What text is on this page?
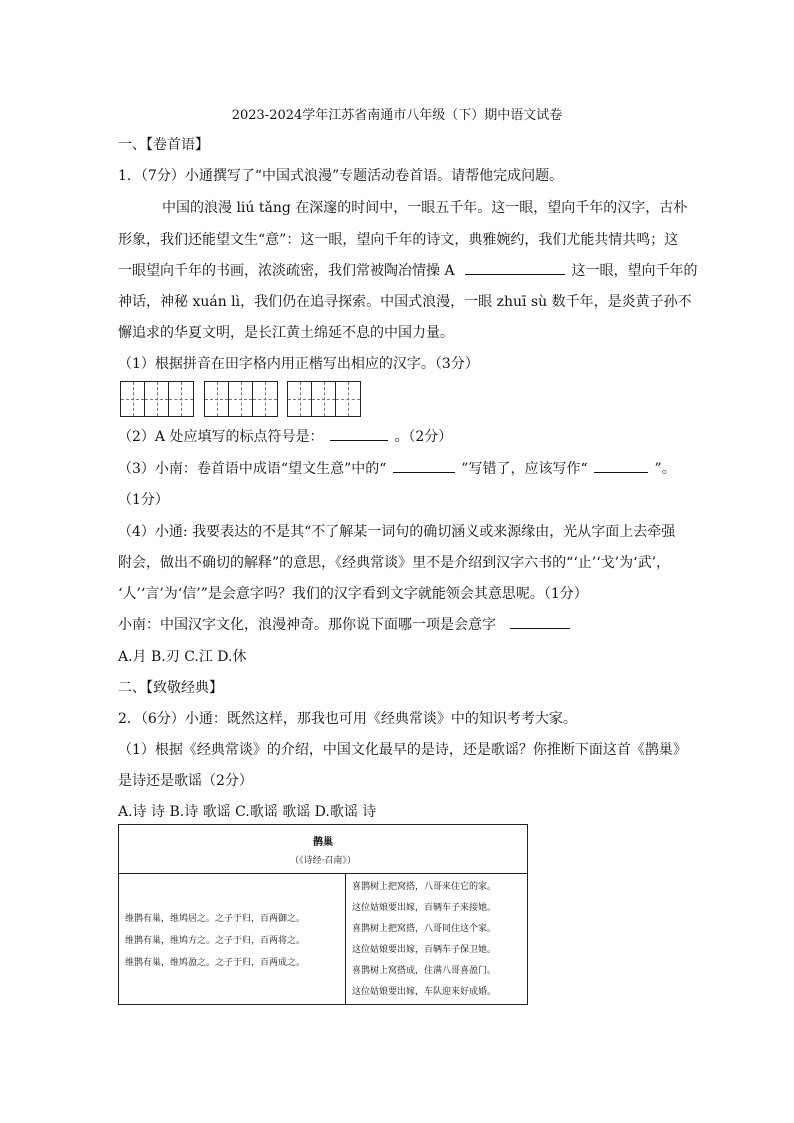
2023-2024学年江苏省南通市八年级（下）期中语文试卷
一、【卷首语】
1．（7分）小通撰写了“中国式浪漫”专题活动卷首语。请帮他完成问题。
中国的浪漫 liú tǎng 在深邃的时间中，一眼五千年。这一眼，望向千年的汉字，古朴
形象，我们还能望文生“意”：这一眼，望向千年的诗文，典雅婉约，我们尤能共情共鸣；这
一眼望向千年的书画，浓淡疏密，我们常被陶冶情操 A	这一眼，望向千年的
神话，神秘 xuán lì，我们仍在追寻探索。中国式浪漫，一眼 zhuī sù 数千年，是炎黄子孙不
懈追求的华夏文明，是长江黄土绵延不息的中国力量。
（1）根据拼音在田字格内用正楷写出相应的汉字。（3分）
（2）A 处应填写的标点符号是：	。（2分）
（3）小南：卷首语中成语“望文生意”中的“	”写错了，应该写作“	”。
（1分）
（4）小通: 我要表达的不是其“不了解某一词句的确切涵义或来源缘由，光从字面上去牵强
附会，做出不确切的解释”的意思，《经典常谈》里不是介绍到汉字六书的“‘止’‘戈’为‘武’，
‘人’‘言’为‘信’”是会意字吗？我们的汉字看到文字就能领会其意思呢。（1分）
小南：中国汉字文化，浪漫神奇。那你说下面哪一项是会意字
A.月 B.刃 C.江 D.休
二、【致敬经典】
2．（6分）小通：既然这样，那我也可用《经典常谈》中的知识考考大家。
（1）根据《经典常谈》的介绍，中国文化最早的是诗，还是歌谣？你推断下面这首《鹊巢》
是诗还是歌谣（2分）
A.诗 诗 B.诗 歌谣 C.歌谣 歌谣 D.歌谣 诗
鹊巢
（《诗经·召南》）
维鹊有巢，维鸠居之。之子于归，百两御之。
维鹊有巢，维鸠方之。之子于归，百两将之。
维鹊有巢，维鸠盈之。之子于归，百两成之。
喜鹊树上把窝搭，八哥来住它的家。
这位姑娘要出嫁，百辆车子来接她。
喜鹊树上把窝搭，八哥同住这个家。
这位姑娘要出嫁，百辆车子保卫她。
喜鹊树上窝搭成，住满八哥喜盈门。
这位姑娘要出嫁，车队迎来好成婚。
